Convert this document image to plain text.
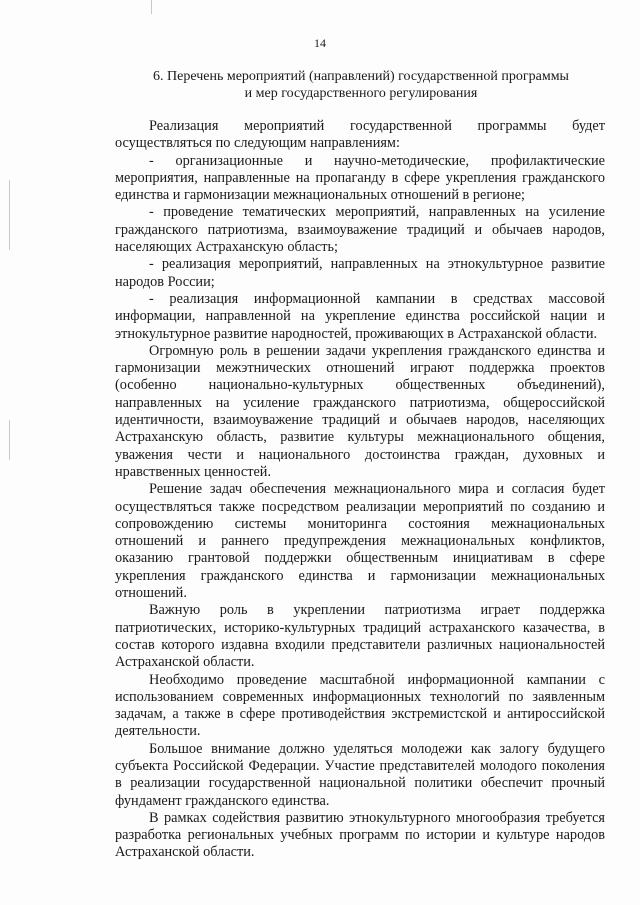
14
6. Перечень мероприятий (направлений) государственной программы
и мер государственного регулирования

Реализация мероприятий государственной программы будет осуществляться по следующим направлениям:

- организационные и научно-методические, профилактические мероприятия, направленные на пропаганду в сфере укрепления гражданского единства и гармонизации межнациональных отношений в регионе;

- проведение тематических мероприятий, направленных на усиление гражданского патриотизма, взаимоуважение традиций и обычаев народов, населяющих Астраханскую область;

- реализация мероприятий, направленных на этнокультурное развитие народов России;

- реализация информационной кампании в средствах массовой информации, направленной на укрепление единства российской нации и этнокультурное развитие народностей, проживающих в Астраханской области.

Огромную роль в решении задачи укрепления гражданского единства и гармонизации межэтнических отношений играют поддержка проектов (особенно национально-культурных общественных объединений), направленных на усиление гражданского патриотизма, общероссийской идентичности, взаимоуважение традиций и обычаев народов, населяющих Астраханскую область, развитие культуры межнационального общения, уважения чести и национального достоинства граждан, духовных и нравственных ценностей.

Решение задач обеспечения межнационального мира и согласия будет осуществляться также посредством реализации мероприятий по созданию и сопровождению системы мониторинга состояния межнациональных отношений и раннего предупреждения межнациональных конфликтов, оказанию грантовой поддержки общественным инициативам в сфере укрепления гражданского единства и гармонизации межнациональных отношений.

Важную роль в укреплении патриотизма играет поддержка патриотических, историко-культурных традиций астраханского казачества, в состав которого издавна входили представители различных национальностей Астраханской области.

Необходимо проведение масштабной информационной кампании с использованием современных информационных технологий по заявленным задачам, а также в сфере противодействия экстремистской и антироссийской деятельности.

Большое внимание должно уделяться молодежи как залогу будущего субъекта Российской Федерации. Участие представителей молодого поколения в реализации государственной национальной политики обеспечит прочный фундамент гражданского единства.

В рамках содействия развитию этнокультурного многообразия требуется разработка региональных учебных программ по истории и культуре народов Астраханской области.
